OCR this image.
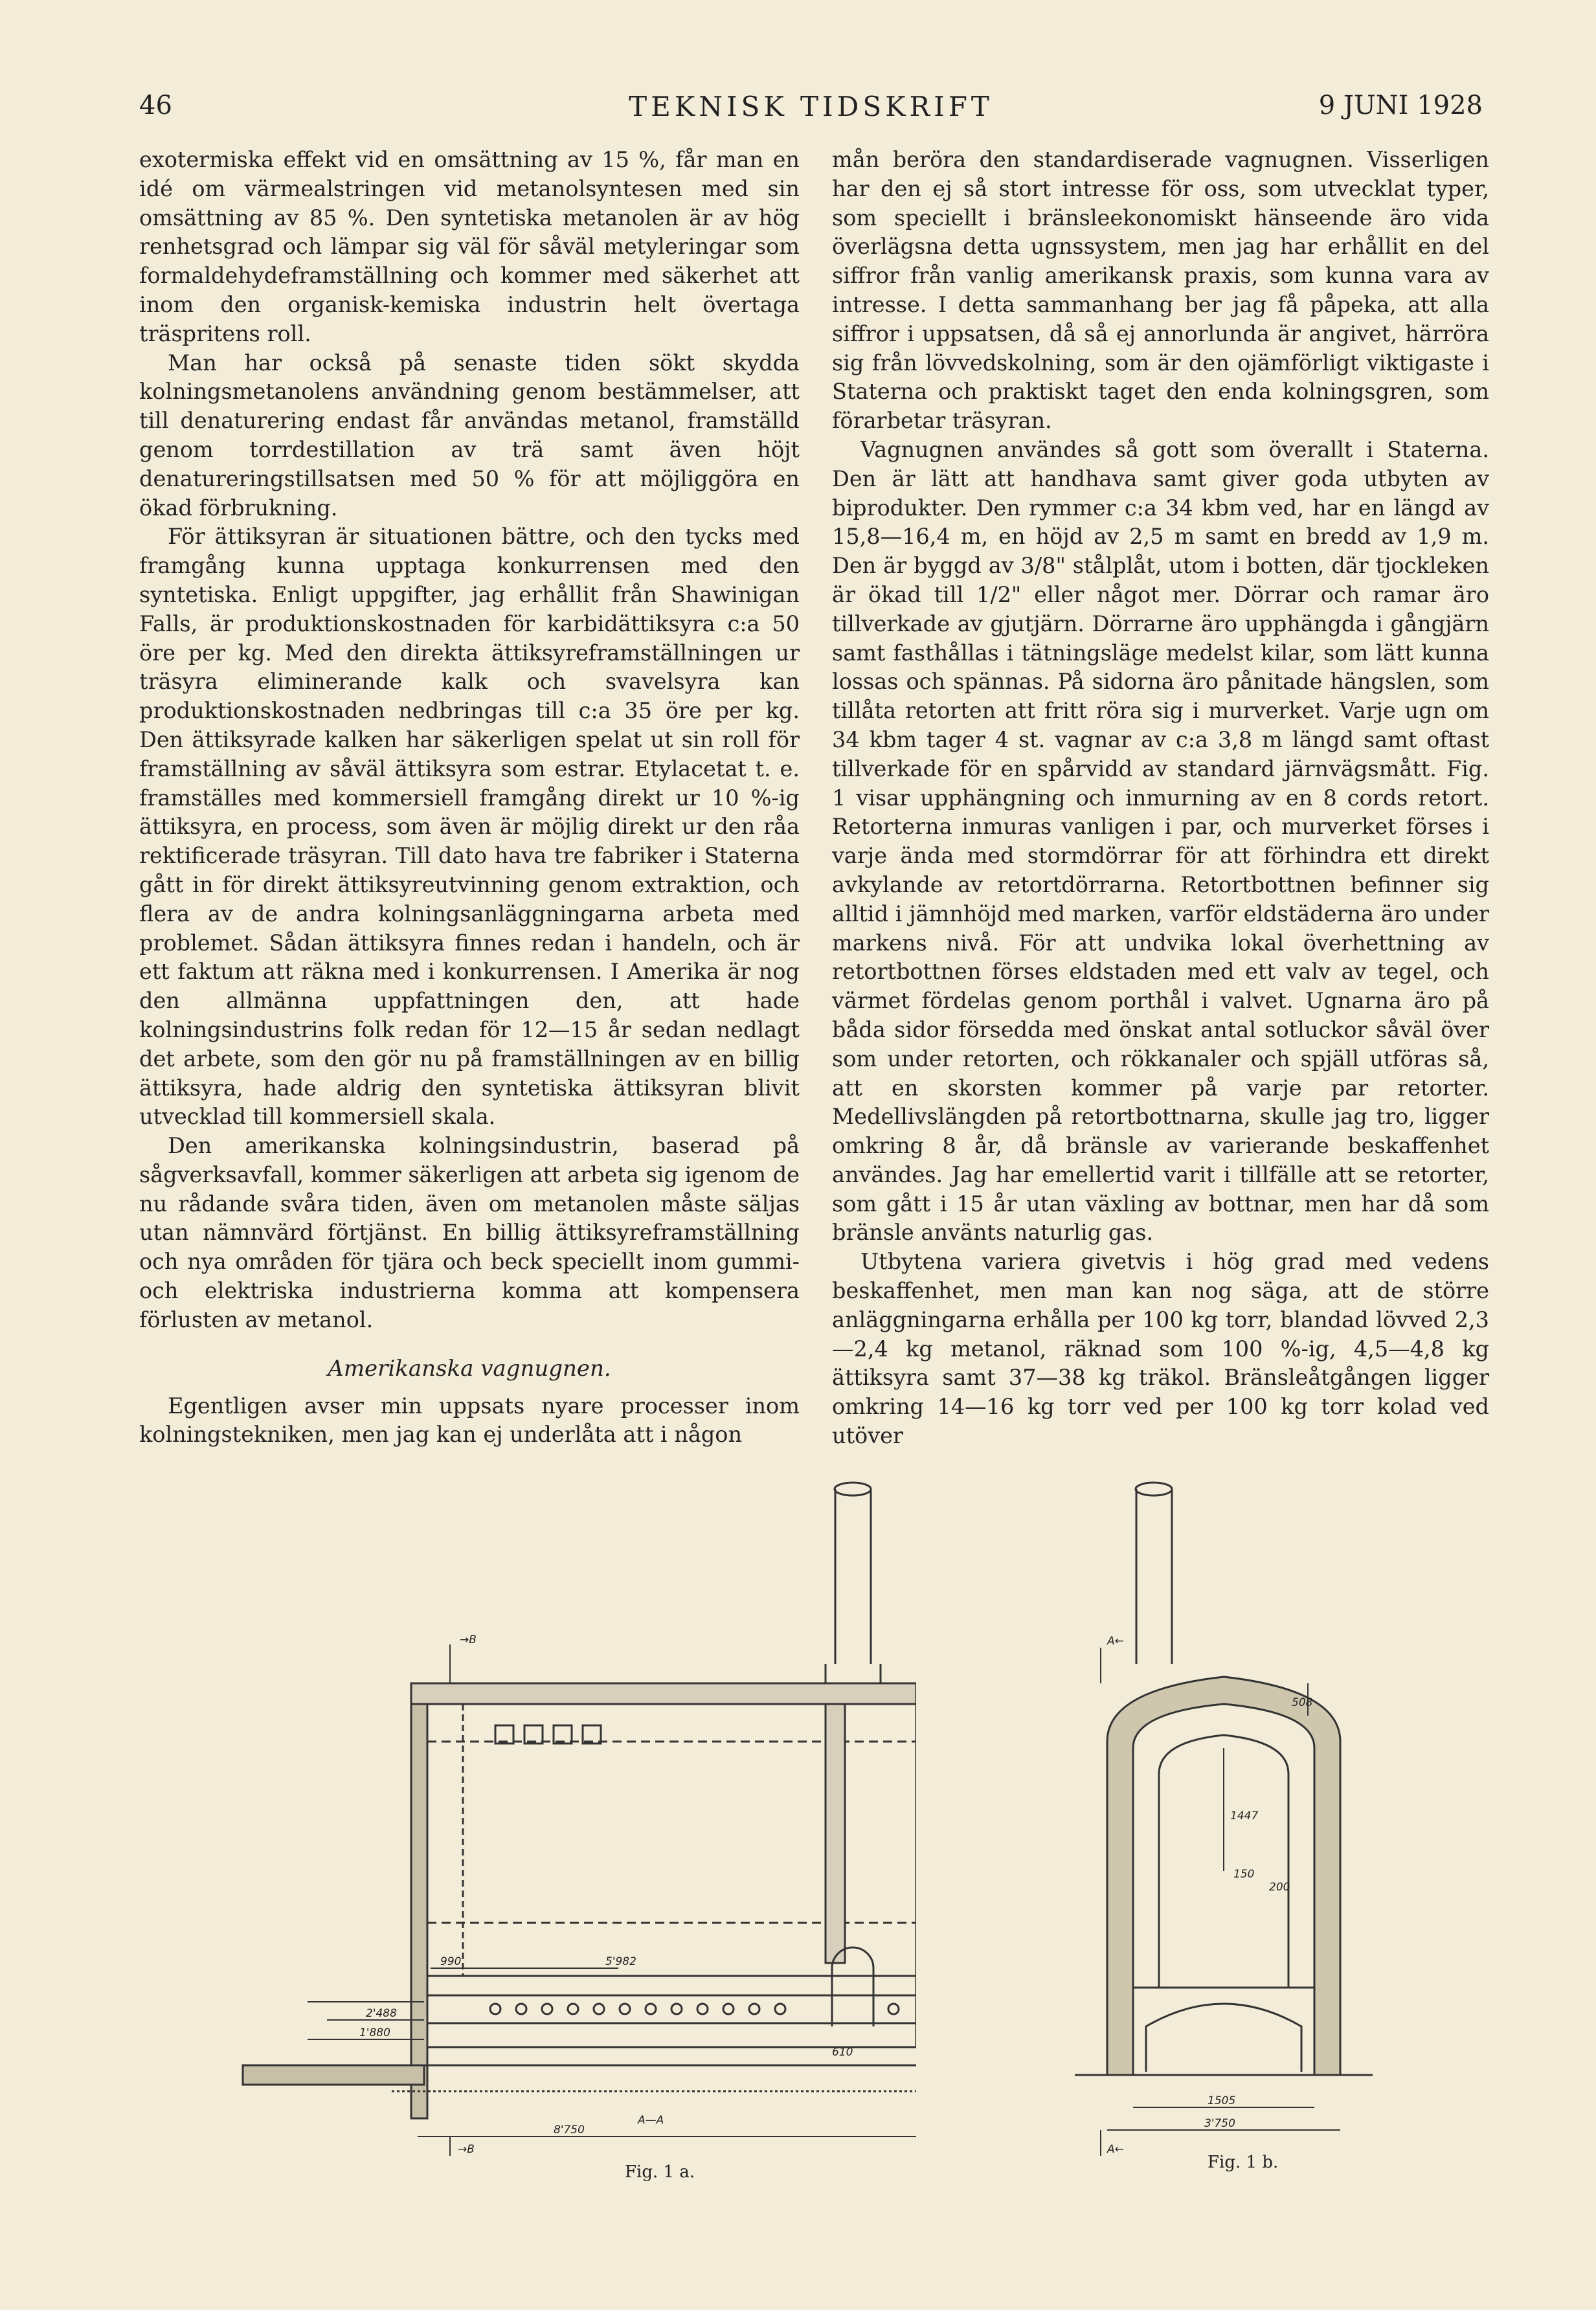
46	TEKNISK TIDSKRIFT	9 JUNI 1928

exotermiska effekt vid en omsättning av 15 %, får man en idé om värmealstringen vid metanolsyntesen med sin omsättning av 85 %. Den syntetiska metanolen är av hög renhetsgrad och lämpar sig väl för såväl metyleringar som formaldehydeframställning och kommer med säkerhet att inom den organisk-kemiska industrin helt övertaga träspritens roll.

Man har också på senaste tiden sökt skydda kolningsmetanolens användning genom bestämmelser, att till denaturering endast får användas metanol, framställd genom torrdestillation av trä samt även höjt denatureringstillsatsen med 50 % för att möjliggöra en ökad förbrukning.

För ättiksyran är situationen bättre, och den tycks med framgång kunna upptaga konkurrensen med den syntetiska. Enligt uppgifter, jag erhållit från Shawinigan Falls, är produktionskostnaden för karbidättiksyra c:a 50 öre per kg. Med den direkta ättiksyreframställningen ur träsyra eliminerande kalk och svavelsyra kan produktionskostnaden nedbringas till c:a 35 öre per kg. Den ättiksyrade kalken har säkerligen spelat ut sin roll för framställning av såväl ättiksyra som estrar. Etylacetat t. e. framställes med kommersiell framgång direkt ur 10 %-ig ättiksyra, en process, som även är möjlig direkt ur den råa rektificerade träsyran. Till dato hava tre fabriker i Staterna gått in för direkt ättiksyreutvinning genom extraktion, och flera av de andra kolningsanläggningarna arbeta med problemet. Sådan ättiksyra finnes redan i handeln, och är ett faktum att räkna med i konkurrensen. I Amerika är nog den allmänna uppfattningen den, att hade kolningsindustrins folk redan för 12—15 år sedan nedlagt det arbete, som den gör nu på framställningen av en billig ättiksyra, hade aldrig den syntetiska ättiksyran blivit utvecklad till kommersiell skala.

Den amerikanska kolningsindustrin, baserad på sågverksavfall, kommer säkerligen att arbeta sig igenom de nu rådande svåra tiden, även om metanolen måste säljas utan nämnvärd förtjänst. En billig ättiksyreframställning och nya områden för tjära och beck speciellt inom gummi- och elektriska industrierna komma att kompensera förlusten av metanol.

Amerikanska vagnugnen.

Egentligen avser min uppsats nyare processer inom kolningstekniken, men jag kan ej underlåta att i någon

mån beröra den standardiserade vagnugnen. Visserligen har den ej så stort intresse för oss, som utvecklat typer, som speciellt i bränsleekonomiskt hänseende äro vida överlägsna detta ugnssystem, men jag har erhållit en del siffror från vanlig amerikansk praxis, som kunna vara av intresse. I detta sammanhang ber jag få påpeka, att alla siffror i uppsatsen, då så ej annorlunda är angivet, härröra sig från lövvedskolning, som är den ojämförligt viktigaste i Staterna och praktiskt taget den enda kolningsgren, som förarbetar träsyran.

Vagnugnen användes så gott som överallt i Staterna. Den är lätt att handhava samt giver goda utbyten av biprodukter. Den rymmer c:a 34 kbm ved, har en längd av 15,8—16,4 m, en höjd av 2,5 m samt en bredd av 1,9 m. Den är byggd av 3/8" stålplåt, utom i botten, där tjockleken är ökad till 1/2" eller något mer. Dörrar och ramar äro tillverkade av gjutjärn. Dörrarne äro upphängda i gångjärn samt fasthållas i tätningsläge medelst kilar, som lätt kunna lossas och spännas. På sidorna äro pånitade hängslen, som tillåta retorten att fritt röra sig i murverket. Varje ugn om 34 kbm tager 4 st. vagnar av c:a 3,8 m längd samt oftast tillverkade för en spårvidd av standard järnvägsmått. Fig. 1 visar upphängning och inmurning av en 8 cords retort. Retorterna inmuras vanligen i par, och murverket förses i varje ända med stormdörrar för att förhindra ett direkt avkylande av retortdörrarna. Retortbottnen befinner sig alltid i jämnhöjd med marken, varför eldstäderna äro under markens nivå. För att undvika lokal överhettning av retortbottnen förses eldstaden med ett valv av tegel, och värmet fördelas genom porthål i valvet. Ugnarna äro på båda sidor försedda med önskat antal sotluckor såväl över som under retorten, och rökkanaler och spjäll utföras så, att en skorsten kommer på varje par retorter. Medellivslängden på retortbottnarna, skulle jag tro, ligger omkring 8 år, då bränsle av varierande beskaffenhet användes. Jag har emellertid varit i tillfälle att se retorter, som gått i 15 år utan växling av bottnar, men har då som bränsle använts naturlig gas.

Utbytena variera givetvis i hög grad med vedens beskaffenhet, men man kan nog säga, att de större anläggningarna erhålla per 100 kg torr, blandad lövved 2,3—2,4 kg metanol, räknad som 100 %-ig, 4,5—4,8 kg ättiksyra samt 37—38 kg träkol. Bränsleåtgången ligger omkring 14—16 kg torr ved per 100 kg torr kolad ved utöver

→B
→B
990	5'982
2'488
1'880
610
8'750
A—A
A←
A←
1447
508
150
200
1505
3'750
Fig. 1 a.	Fig. 1 b.
